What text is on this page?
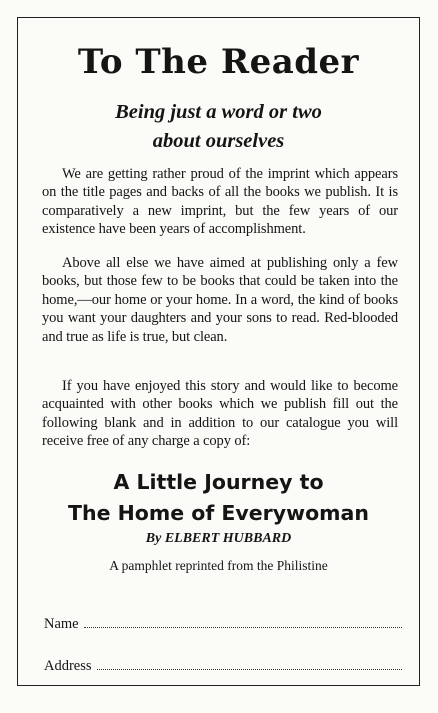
To The Reader
Being just a word or two
about ourselves

We are getting rather proud of the imprint which appears on the title pages and backs of all the books we publish. It is comparatively a new imprint, but the few years of our existence have been years of accomplishment.

Above all else we have aimed at publishing only a few books, but those few to be books that could be taken into the home,—our home or your home. In a word, the kind of books you want your daughters and your sons to read. Red-blooded and true as life is true, but clean.

If you have enjoyed this story and would like to become acquainted with other books which we publish fill out the following blank and in addition to our catalogue you will receive free of any charge a copy of:

A Little Journey to
The Home of Everywoman
By ELBERT HUBBARD
A pamphlet reprinted from the Philistine
Name
Address
